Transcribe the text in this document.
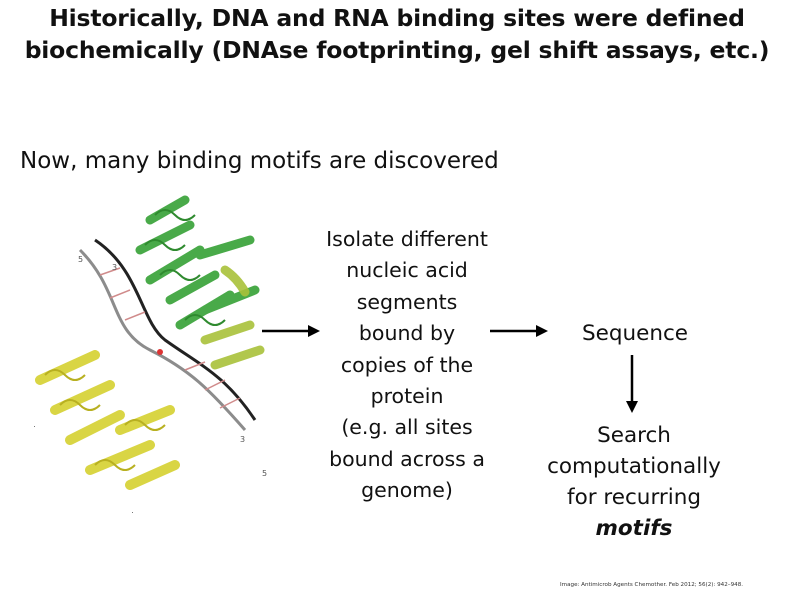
Historically, DNA and RNA binding sites were defined
biochemically (DNAse footprinting, gel shift assays, etc.)
Now, many binding motifs are discovered
5
3
3
5
Isolate different
nucleic acid
segments
bound by
copies of the
protein
(e.g. all sites
bound across a
genome)
Sequence
Search
computationally
for recurring
motifs
Image: Antimicrob Agents Chemother. Feb 2012; 56(2): 942–948.
